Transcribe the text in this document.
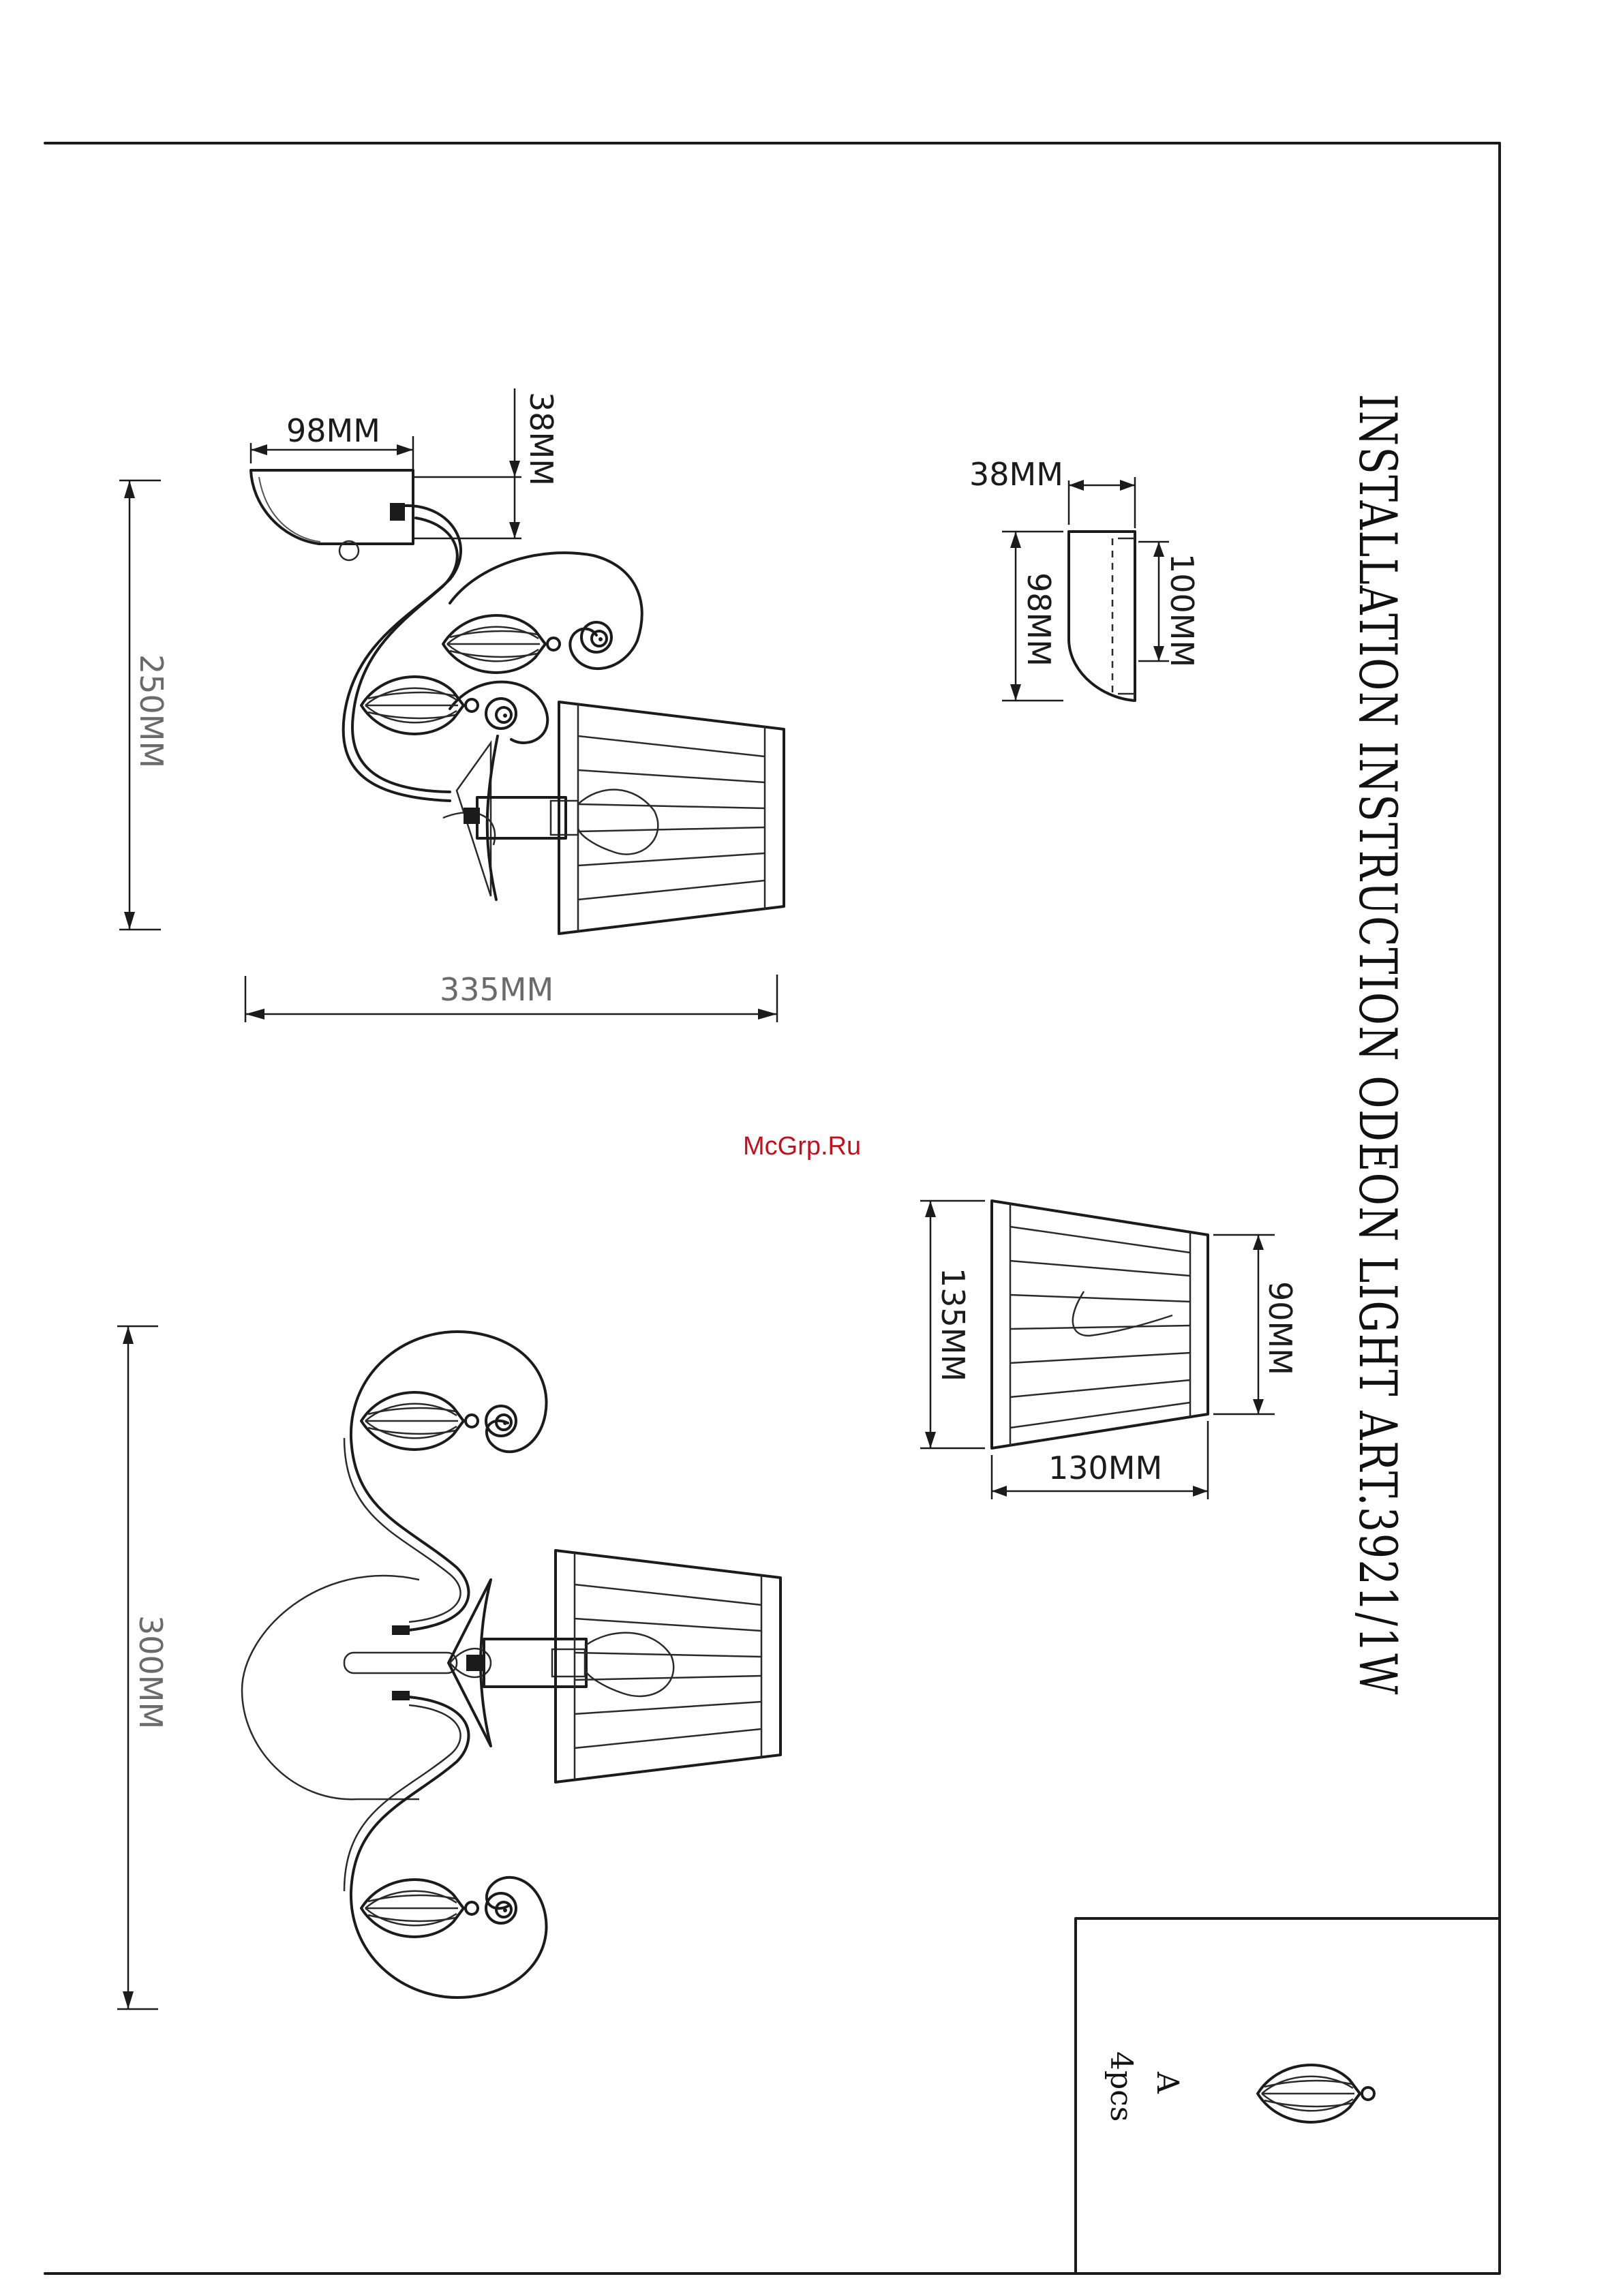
98MM	38MM
250MM
335MM
38MM
98MM	100MM	INSTALLATION INSTRUCTION ODEON LIGHT ART.3921/1W
McGrp.Ru
135MM	90MM
130MM
300MM
A
4pcs
